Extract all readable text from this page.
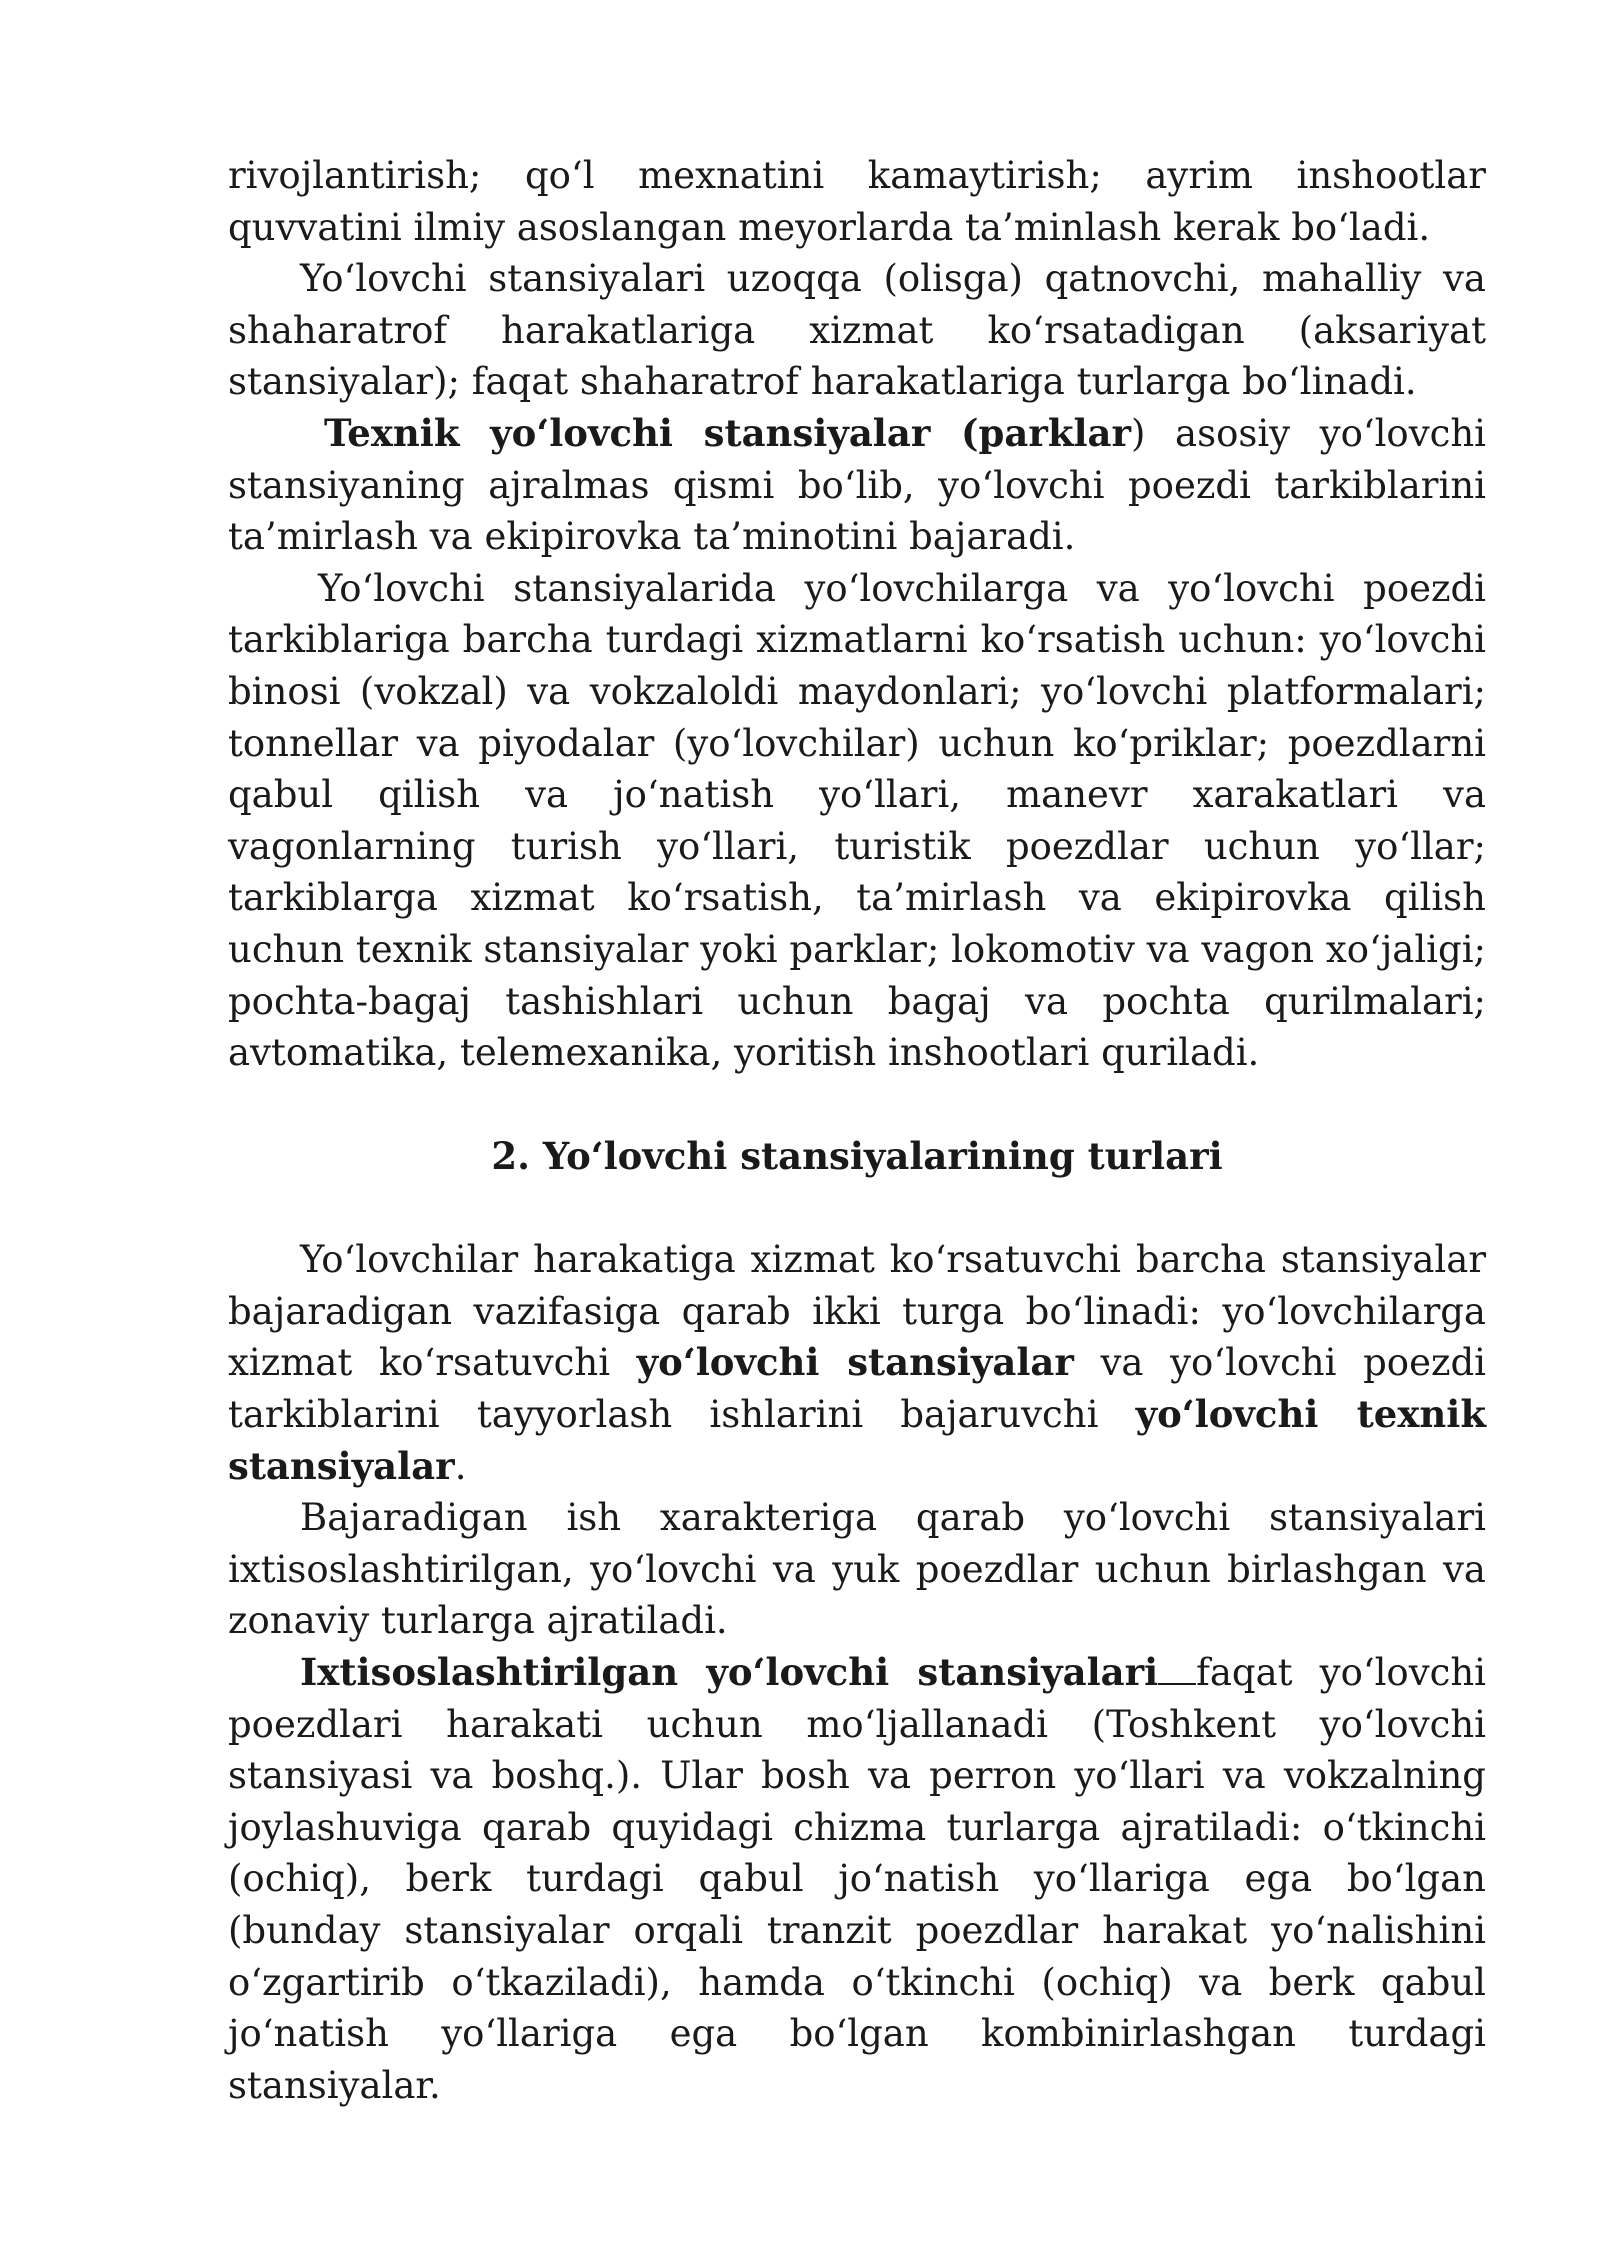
rivojlantirish; qo‘l mexnatini kamaytirish; ayrim inshootlar quvvatini ilmiy asoslangan meyorlarda ta’minlash kerak bo‘ladi.

Yo‘lovchi stansiyalari uzoqqa (olisga) qatnovchi, mahalliy va shaharatrof harakatlariga xizmat ko‘rsatadigan (aksariyat stansiyalar); faqat shaharatrof harakatlariga turlarga bo‘linadi.

Texnik yo‘lovchi stansiyalar (parklar) asosiy yo‘lovchi stansiyaning ajralmas qismi bo‘lib, yo‘lovchi poezdi tarkiblarini ta’mirlash va ekipirovka ta’minotini bajaradi.

Yo‘lovchi stansiyalarida yo‘lovchilarga va yo‘lovchi poezdi tarkiblariga barcha turdagi xizmatlarni ko‘rsatish uchun: yo‘lovchi binosi (vokzal) va vokzaloldi maydonlari; yo‘lovchi platformalari; tonnellar va piyodalar (yo‘lovchilar) uchun ko‘priklar; poezdlarni qabul qilish va jo‘natish yo‘llari, manevr xarakatlari va vagonlarning turish yo‘llari, turistik poezdlar uchun yo‘llar; tarkiblarga xizmat ko‘rsatish, ta’mirlash va ekipirovka qilish uchun texnik stansiyalar yoki parklar; lokomotiv va vagon xo‘jaligi; pochta-bagaj tashishlari uchun bagaj va pochta qurilmalari; avtomatika, telemexanika, yoritish inshootlari quriladi.

2. Yo‘lovchi stansiyalarining turlari

Yo‘lovchilar harakatiga xizmat ko‘rsatuvchi barcha stansiyalar bajaradigan vazifasiga qarab ikki turga bo‘linadi: yo‘lovchilarga xizmat ko‘rsatuvchi yo‘lovchi stansiyalar va yo‘lovchi poezdi tarkiblarini tayyorlash ishlarini bajaruvchi yo‘lovchi texnik stansiyalar.

Bajaradigan ish xarakteriga qarab yo‘lovchi stansiyalari ixtisoslashtirilgan, yo‘lovchi va yuk poezdlar uchun birlashgan va zonaviy turlarga ajratiladi.

Ixtisoslashtirilgan yo‘lovchi stansiyalari faqat yo‘lovchi poezdlari harakati uchun mo‘ljallanadi (Toshkent yo‘lovchi stansiyasi va boshq.). Ular bosh va perron yo‘llari va vokzalning joylashuviga qarab quyidagi chizma turlarga ajratiladi: o‘tkinchi (ochiq), berk turdagi qabul jo‘natish yo‘llariga ega bo‘lgan (bunday stansiyalar orqali tranzit poezdlar harakat yo‘nalishini o‘zgartirib o‘tkaziladi), hamda o‘tkinchi (ochiq) va berk qabul jo‘natish yo‘llariga ega bo‘lgan kombinirlashgan turdagi stansiyalar.
